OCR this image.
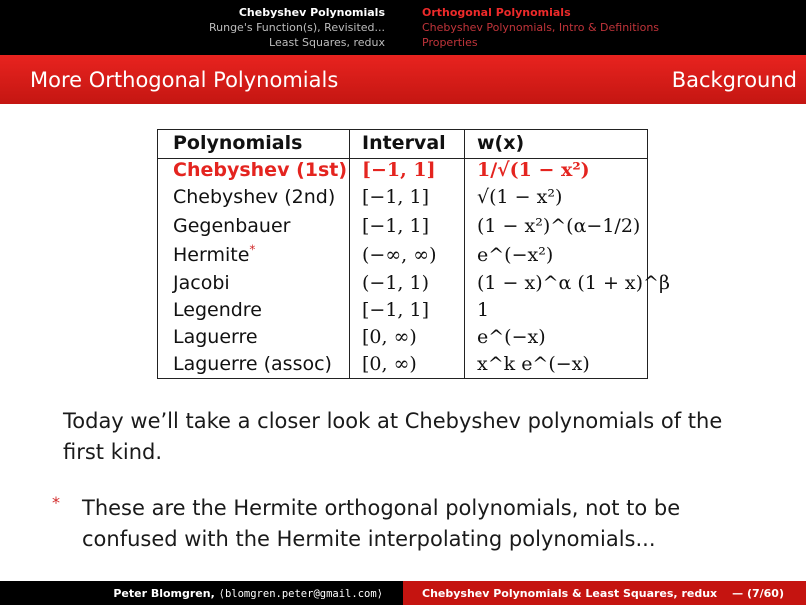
Chebyshev Polynomials
Runge's Function(s), Revisited...
Least Squares, redux
Orthogonal Polynomials
Chebyshev Polynomials, Intro & Definitions
Properties
More Orthogonal Polynomials	Background
Polynomials	Interval w(x)
Chebyshev (1st) [−1, 1] 1/√(1 − x²)
Chebyshev (2nd) [−1, 1]	√(1 − x²)
Gegenbauer	[−1, 1]	(1 − x²)^(α−1/2)
Hermite*	(−∞, ∞) e^(−x²)
Jacobi	(−1, 1)	(1 − x)^α (1 + x)^β
Legendre	[−1, 1]	1
Laguerre	[0, ∞)	e^(−x)
Laguerre (assoc) [0, ∞)	x^k e^(−x)
Today we’ll take a closer look at Chebyshev polynomials of the first kind.
* These are the Hermite orthogonal polynomials, not to be confused with the Hermite interpolating polynomials...
Peter Blomgren, ⟨blomgren.peter@gmail.com⟩	Chebyshev Polynomials & Least Squares, redux — (7/60)
